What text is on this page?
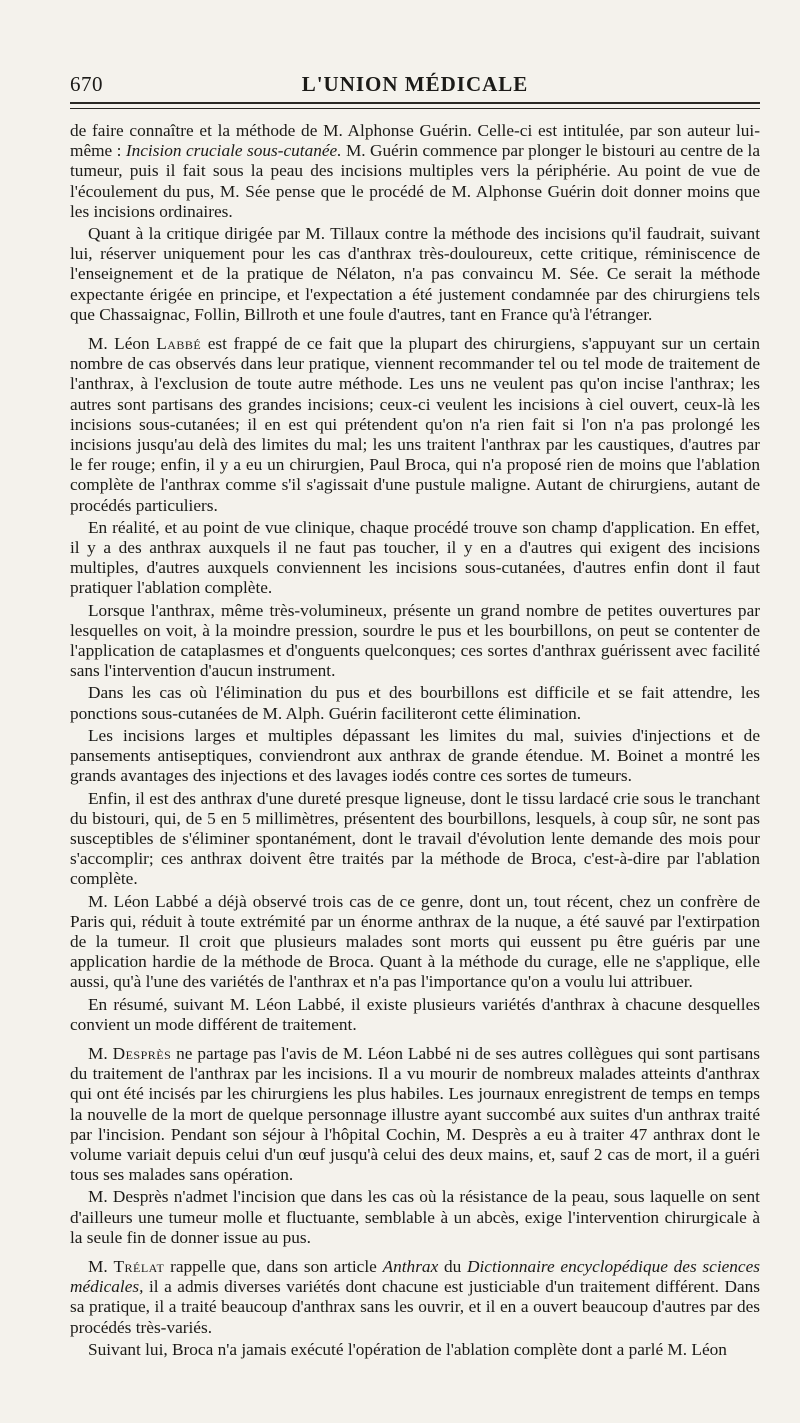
670	L'UNION MÉDICALE

de faire connaître et la méthode de M. Alphonse Guérin. Celle-ci est intitulée, par son auteur lui-même : Incision cruciale sous-cutanée. M. Guérin commence par plonger le bistouri au centre de la tumeur, puis il fait sous la peau des incisions multiples vers la périphérie. Au point de vue de l'écoulement du pus, M. Sée pense que le procédé de M. Alphonse Guérin doit donner moins que les incisions ordinaires.

Quant à la critique dirigée par M. Tillaux contre la méthode des incisions qu'il faudrait, suivant lui, réserver uniquement pour les cas d'anthrax très-douloureux, cette critique, réminiscence de l'enseignement et de la pratique de Nélaton, n'a pas convaincu M. Sée. Ce serait la méthode expectante érigée en principe, et l'expectation a été justement condamnée par des chirurgiens tels que Chassaignac, Follin, Billroth et une foule d'autres, tant en France qu'à l'étranger.

M. Léon Labbé est frappé de ce fait que la plupart des chirurgiens, s'appuyant sur un certain nombre de cas observés dans leur pratique, viennent recommander tel ou tel mode de traitement de l'anthrax, à l'exclusion de toute autre méthode. Les uns ne veulent pas qu'on incise l'anthrax; les autres sont partisans des grandes incisions; ceux-ci veulent les incisions à ciel ouvert, ceux-là les incisions sous-cutanées; il en est qui prétendent qu'on n'a rien fait si l'on n'a pas prolongé les incisions jusqu'au delà des limites du mal; les uns traitent l'anthrax par les caustiques, d'autres par le fer rouge; enfin, il y a eu un chirurgien, Paul Broca, qui n'a proposé rien de moins que l'ablation complète de l'anthrax comme s'il s'agissait d'une pustule maligne. Autant de chirurgiens, autant de procédés particuliers.

En réalité, et au point de vue clinique, chaque procédé trouve son champ d'application. En effet, il y a des anthrax auxquels il ne faut pas toucher, il y en a d'autres qui exigent des incisions multiples, d'autres auxquels conviennent les incisions sous-cutanées, d'autres enfin dont il faut pratiquer l'ablation complète.

Lorsque l'anthrax, même très-volumineux, présente un grand nombre de petites ouvertures par lesquelles on voit, à la moindre pression, sourdre le pus et les bourbillons, on peut se contenter de l'application de cataplasmes et d'onguents quelconques; ces sortes d'anthrax guérissent avec facilité sans l'intervention d'aucun instrument.

Dans les cas où l'élimination du pus et des bourbillons est difficile et se fait attendre, les ponctions sous-cutanées de M. Alph. Guérin faciliteront cette élimination.

Les incisions larges et multiples dépassant les limites du mal, suivies d'injections et de pansements antiseptiques, conviendront aux anthrax de grande étendue. M. Boinet a montré les grands avantages des injections et des lavages iodés contre ces sortes de tumeurs.

Enfin, il est des anthrax d'une dureté presque ligneuse, dont le tissu lardacé crie sous le tranchant du bistouri, qui, de 5 en 5 millimètres, présentent des bourbillons, lesquels, à coup sûr, ne sont pas susceptibles de s'éliminer spontanément, dont le travail d'évolution lente demande des mois pour s'accomplir; ces anthrax doivent être traités par la méthode de Broca, c'est-à-dire par l'ablation complète.

M. Léon Labbé a déjà observé trois cas de ce genre, dont un, tout récent, chez un confrère de Paris qui, réduit à toute extrémité par un énorme anthrax de la nuque, a été sauvé par l'extirpation de la tumeur. Il croit que plusieurs malades sont morts qui eussent pu être guéris par une application hardie de la méthode de Broca. Quant à la méthode du curage, elle ne s'applique, elle aussi, qu'à l'une des variétés de l'anthrax et n'a pas l'importance qu'on a voulu lui attribuer.

En résumé, suivant M. Léon Labbé, il existe plusieurs variétés d'anthrax à chacune desquelles convient un mode différent de traitement.

M. Desprès ne partage pas l'avis de M. Léon Labbé ni de ses autres collègues qui sont partisans du traitement de l'anthrax par les incisions. Il a vu mourir de nombreux malades atteints d'anthrax qui ont été incisés par les chirurgiens les plus habiles. Les journaux enregistrent de temps en temps la nouvelle de la mort de quelque personnage illustre ayant succombé aux suites d'un anthrax traité par l'incision. Pendant son séjour à l'hôpital Cochin, M. Desprès a eu à traiter 47 anthrax dont le volume variait depuis celui d'un œuf jusqu'à celui des deux mains, et, sauf 2 cas de mort, il a guéri tous ses malades sans opération.

M. Desprès n'admet l'incision que dans les cas où la résistance de la peau, sous laquelle on sent d'ailleurs une tumeur molle et fluctuante, semblable à un abcès, exige l'intervention chirurgicale à la seule fin de donner issue au pus.

M. Trélat rappelle que, dans son article Anthrax du Dictionnaire encyclopédique des sciences médicales, il a admis diverses variétés dont chacune est justiciable d'un traitement différent. Dans sa pratique, il a traité beaucoup d'anthrax sans les ouvrir, et il en a ouvert beaucoup d'autres par des procédés très-variés.

Suivant lui, Broca n'a jamais exécuté l'opération de l'ablation complète dont a parlé M. Léon
